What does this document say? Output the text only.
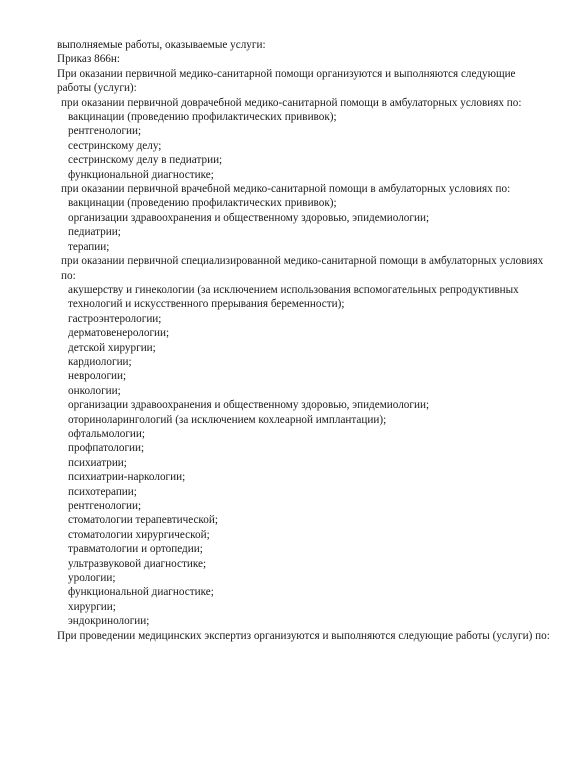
выполняемые работы, оказываемые услуги:
Приказ 866н:
При оказании первичной медико-санитарной помощи организуются и выполняются следующие работы (услуги):
при оказании первичной доврачебной медико-санитарной помощи в амбулаторных условиях по:
вакцинации (проведению профилактических прививок);
рентгенологии;
сестринскому делу;
сестринскому делу в педиатрии;
функциональной диагностике;
при оказании первичной врачебной медико-санитарной помощи в амбулаторных условиях по:
вакцинации (проведению профилактических прививок);
организации здравоохранения и общественному здоровью, эпидемиологии;
педиатрии;
терапии;
при оказании первичной специализированной медико-санитарной помощи в амбулаторных условиях по:
акушерству и гинекологии (за исключением использования вспомогательных репродуктивных технологий и искусственного прерывания беременности);
гастроэнтерологии;
дерматовенерологии;
детской хирургии;
кардиологии;
неврологии;
онкологии;
организации здравоохранения и общественному здоровью, эпидемиологии;
оториноларингологий (за исключением кохлеарной имплантации);
офтальмологии;
профпатологии;
психиатрии;
психиатрии-наркологии;
психотерапии;
рентгенологии;
стоматологии терапевтической;
стоматологии хирургической;
травматологии и ортопедии;
ультразвуковой диагностике;
урологии;
функциональной диагностике;
хирургии;
эндокринологии;
При проведении медицинских экспертиз организуются и выполняются следующие работы (услуги) по:
